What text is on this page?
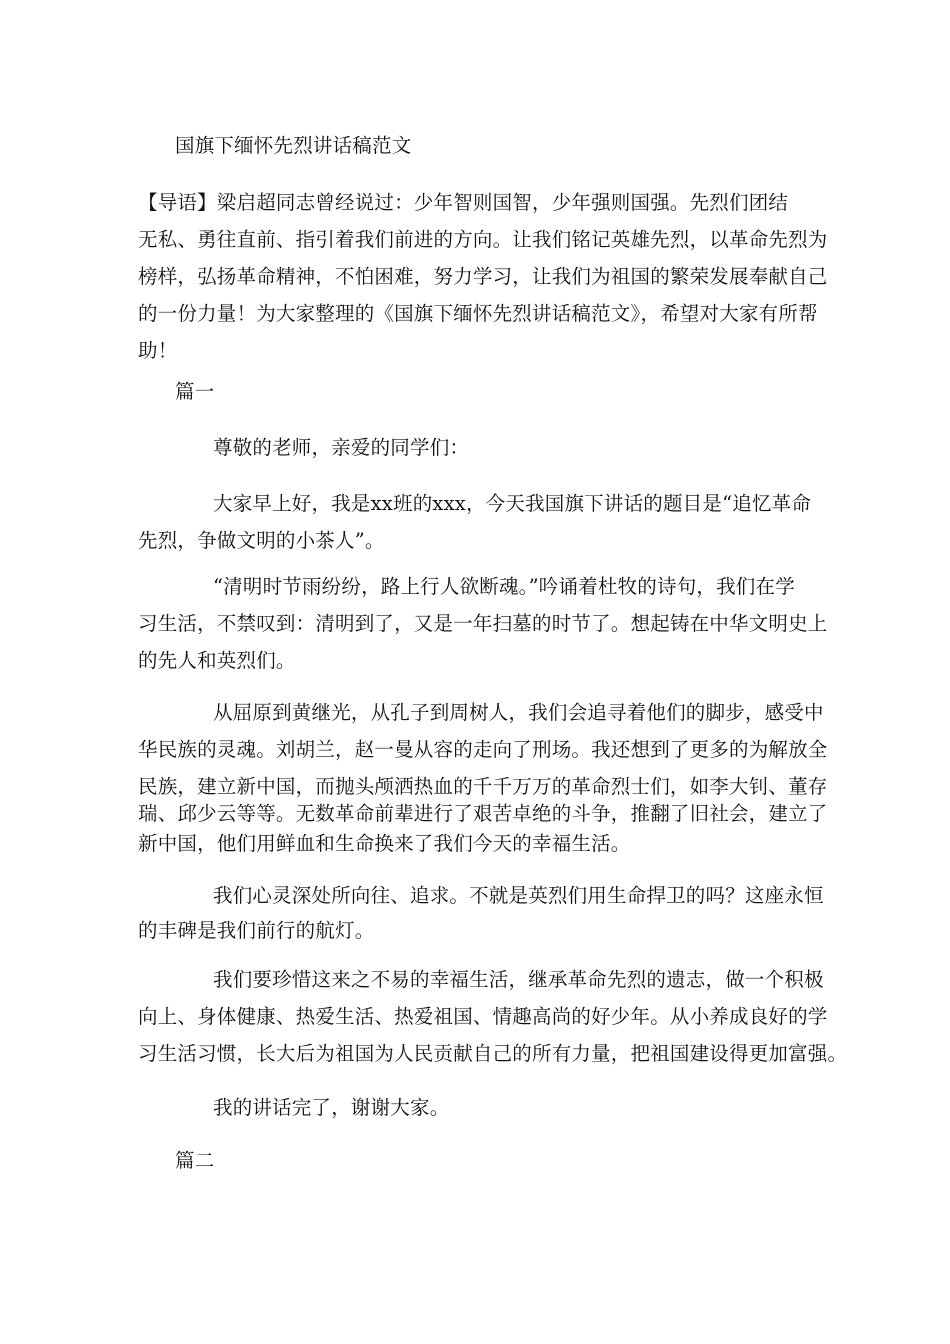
国旗下缅怀先烈讲话稿范文
【导语】梁启超同志曾经说过：少年智则国智，少年强则国强。先烈们团结
无私、勇往直前、指引着我们前进的方向。让我们铭记英雄先烈，以革命先烈为
榜样，弘扬革命精神，不怕困难，努力学习，让我们为祖国的繁荣发展奉献自己
的一份力量！为大家整理的《国旗下缅怀先烈讲话稿范文》，希望对大家有所帮
助！
篇一
尊敬的老师，亲爱的同学们：
大家早上好，我是xx班的xxx，今天我国旗下讲话的题目是“追忆革命
先烈，争做文明的小茶人”。
“清明时节雨纷纷，路上行人欲断魂。”吟诵着杜牧的诗句，我们在学
习生活，不禁叹到：清明到了，又是一年扫墓的时节了。想起铸在中华文明史上
的先人和英烈们。
从屈原到黄继光，从孔子到周树人，我们会追寻着他们的脚步，感受中
华民族的灵魂。刘胡兰，赵一曼从容的走向了刑场。我还想到了更多的为解放全
民族，建立新中国，而抛头颅洒热血的千千万万的革命烈士们，如李大钊、董存
瑞、邱少云等等。无数革命前辈进行了艰苦卓绝的斗争，推翻了旧社会，建立了
新中国，他们用鲜血和生命换来了我们今天的幸福生活。
我们心灵深处所向往、追求。不就是英烈们用生命捍卫的吗？这座永恒
的丰碑是我们前行的航灯。
我们要珍惜这来之不易的幸福生活，继承革命先烈的遗志，做一个积极
向上、身体健康、热爱生活、热爱祖国、情趣高尚的好少年。从小养成良好的学
习生活习惯，长大后为祖国为人民贡献自己的所有力量，把祖国建设得更加富强。
我的讲话完了，谢谢大家。
篇二
